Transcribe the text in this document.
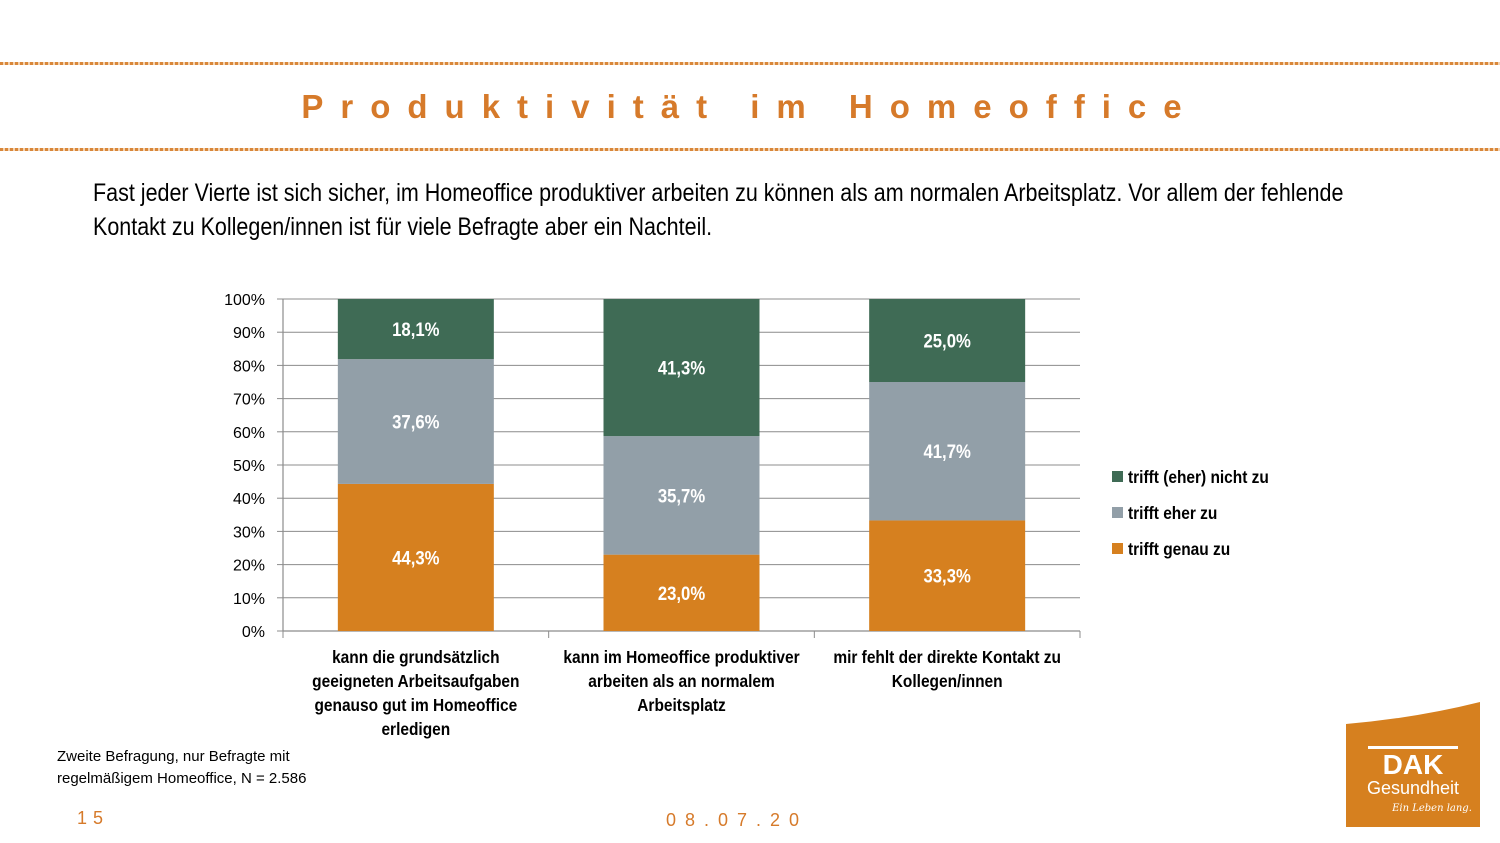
Produktivität im Homeoffice
Fast jeder Vierte ist sich sicher, im Homeoffice produktiver arbeiten zu können als am normalen Arbeitsplatz. Vor allem der fehlende Kontakt zu Kollegen/innen ist für viele Befragte aber ein Nachteil.
0%
10%
20%
30%
40%
50%
60%
70%
80%
90%
100%
44,3%
37,6%
18,1%
kann die grundsätzlich
geeigneten Arbeitsaufgaben
genauso gut im Homeoffice
erledigen
23,0%
35,7%
41,3%
kann im Homeoffice produktiver
arbeiten als an normalem
Arbeitsplatz
33,3%
41,7%
25,0%
mir fehlt der direkte Kontakt zu
Kollegen/innen
trifft (eher) nicht zu
trifft eher zu
trifft genau zu
Zweite Befragung, nur Befragte mit
regelmäßigem Homeoffice, N = 2.586
15	08.07.20
DAK
Gesundheit
Ein Leben lang.
